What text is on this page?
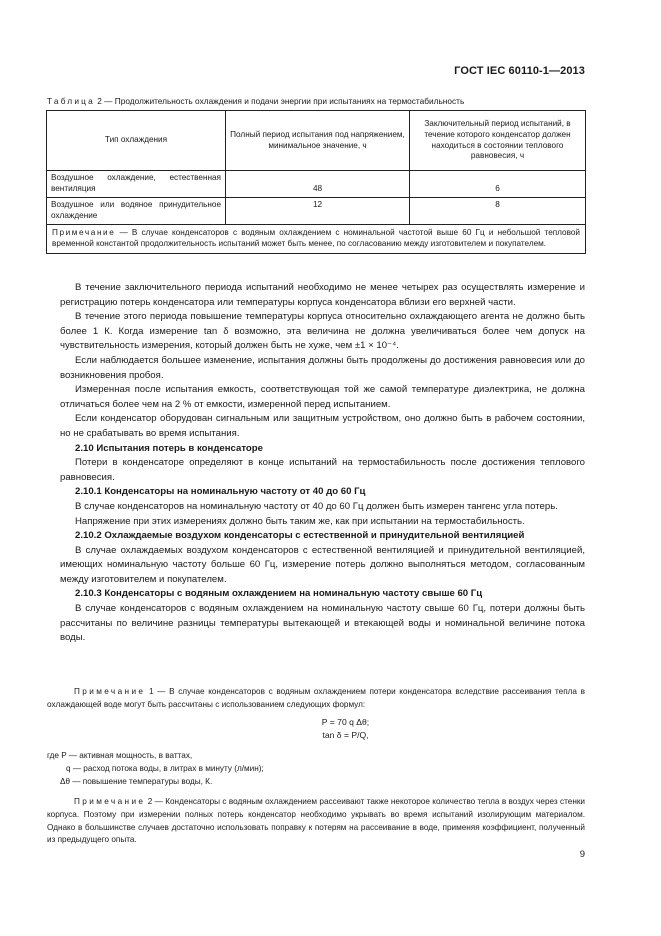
ГОСТ IEC 60110-1—2013
Таблица 2 — Продолжительность охлаждения и подачи энергии при испытаниях на термостабильность
Тип охлаждения	Полный период испытания под напряжением, минимальное значение, ч	Заключительный период испытаний, в течение которого конденсатор должен находиться в состоянии теплового равновесия, ч
Воздушное охлаждение, естественная вентиляция	48	6
Воздушное или водяное принудительное охлаждение	12	8
Примечание — В случае конденсаторов с водяным охлаждением с номинальной частотой выше 60 Гц и небольшой тепловой временной константой продолжительность испытаний может быть менее, по согласованию между изготовителем и покупателем.		

В течение заключительного периода испытаний необходимо не менее четырех раз осуществлять измерение и регистрацию потерь конденсатора или температуры корпуса конденсатора вблизи его верхней части.

В течение этого периода повышение температуры корпуса относительно охлаждающего агента не должно быть более 1 К. Когда измерение tan δ возможно, эта величина не должна увеличиваться более чем допуск на чувствительность измерения, который должен быть не хуже, чем ±1 × 10⁻⁴.

Если наблюдается большее изменение, испытания должны быть продолжены до достижения равновесия или до возникновения пробоя.

Измеренная после испытания емкость, соответствующая той же самой температуре диэлектрика, не должна отличаться более чем на 2 % от емкости, измеренной перед испытанием.

Если конденсатор оборудован сигнальным или защитным устройством, оно должно быть в рабочем состоянии, но не срабатывать во время испытания.

2.10 Испытания потерь в конденсаторе

Потери в конденсаторе определяют в конце испытаний на термостабильность после достижения теплового равновесия.

2.10.1 Конденсаторы на номинальную частоту от 40 до 60 Гц

В случае конденсаторов на номинальную частоту от 40 до 60 Гц должен быть измерен тангенс угла потерь.

Напряжение при этих измерениях должно быть таким же, как при испытании на термостабильность.

2.10.2 Охлаждаемые воздухом конденсаторы с естественной и принудительной вентиляцией

В случае охлаждаемых воздухом конденсаторов с естественной вентиляцией и принудительной вентиляцией, имеющих номинальную частоту больше 60 Гц, измерение потерь должно выполняться методом, согласованным между изготовителем и покупателем.

2.10.3 Конденсаторы с водяным охлаждением на номинальную частоту свыше 60 Гц

В случае конденсаторов с водяным охлаждением на номинальную частоту свыше 60 Гц, потери должны быть рассчитаны по величине разницы температуры вытекающей и втекающей воды и номинальной величине потока воды.

Примечание 1 — В случае конденсаторов с водяным охлаждением потери конденсатора вследствие рассеивания тепла в охлаждающей воде могут быть рассчитаны с использованием следующих формул:

P = 70 q Δθ;
tan δ = P/Q,
где P — активная мощность, в ваттах,
q — расход потока воды, в литрах в минуту (л/мин);
Δθ — повышение температуры воды, К.

Примечание 2 — Конденсаторы с водяным охлаждением рассеивают также некоторое количество тепла в воздух через стенки корпуса. Поэтому при измерении полных потерь конденсатор необходимо укрывать во время испытаний изолирующим материалом. Однако в большинстве случаев достаточно использовать поправку к потерям на рассеивание в воде, применяя коэффициент, полученный из предыдущего опыта.

9
